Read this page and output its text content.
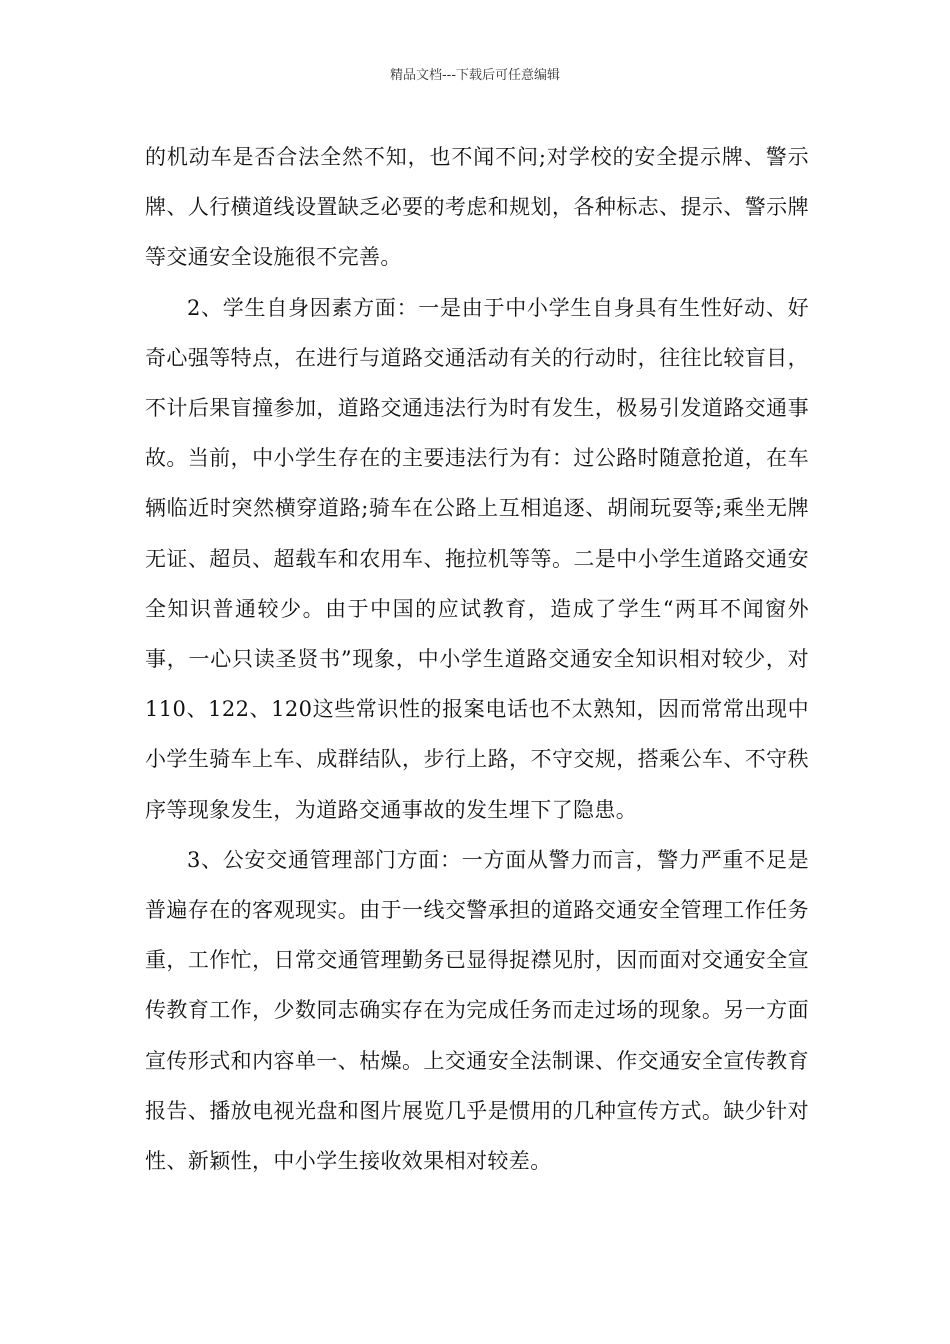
精品文档---下载后可任意编辑

的机动车是否合法全然不知，也不闻不问;对学校的安全提示牌、警示牌、人行横道线设置缺乏必要的考虑和规划，各种标志、提示、警示牌等交通安全设施很不完善。

2、学生自身因素方面：一是由于中小学生自身具有生性好动、好奇心强等特点，在进行与道路交通活动有关的行动时，往往比较盲目，不计后果盲撞参加，道路交通违法行为时有发生，极易引发道路交通事故。当前，中小学生存在的主要违法行为有：过公路时随意抢道，在车辆临近时突然横穿道路;骑车在公路上互相追逐、胡闹玩耍等;乘坐无牌无证、超员、超载车和农用车、拖拉机等等。二是中小学生道路交通安全知识普通较少。由于中国的应试教育，造成了学生“两耳不闻窗外事，一心只读圣贤书”现象，中小学生道路交通安全知识相对较少，对110、122、120这些常识性的报案电话也不太熟知，因而常常出现中小学生骑车上车、成群结队，步行上路，不守交规，搭乘公车、不守秩序等现象发生，为道路交通事故的发生埋下了隐患。

3、公安交通管理部门方面：一方面从警力而言，警力严重不足是普遍存在的客观现实。由于一线交警承担的道路交通安全管理工作任务重，工作忙，日常交通管理勤务已显得捉襟见肘，因而面对交通安全宣传教育工作，少数同志确实存在为完成任务而走过场的现象。另一方面宣传形式和内容单一、枯燥。上交通安全法制课、作交通安全宣传教育报告、播放电视光盘和图片展览几乎是惯用的几种宣传方式。缺少针对性、新颖性，中小学生接收效果相对较差。
